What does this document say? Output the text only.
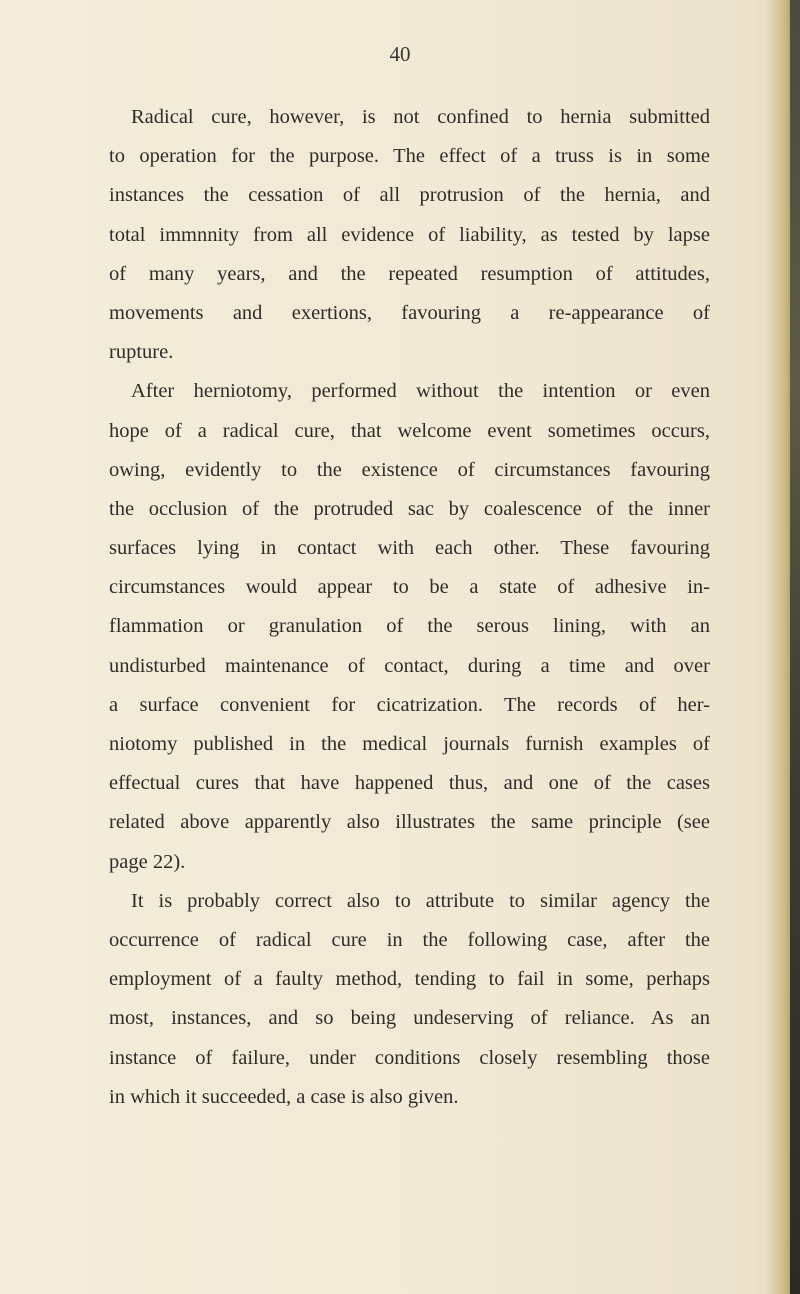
40
Radical cure, however, is not confined to hernia submitted
to operation for the purpose. The effect of a truss is in some
instances the cessation of all protrusion of the hernia, and
total immnnity from all evidence of liability, as tested by lapse
of many years, and the repeated resumption of attitudes,
movements and exertions, favouring a re-appearance of
rupture.
After herniotomy, performed without the intention or even
hope of a radical cure, that welcome event sometimes occurs,
owing, evidently to the existence of circumstances favouring
the occlusion of the protruded sac by coalescence of the inner
surfaces lying in contact with each other. These favouring
circumstances would appear to be a state of adhesive in-
flammation or granulation of the serous lining, with an
undisturbed maintenance of contact, during a time and over
a surface convenient for cicatrization. The records of her-
niotomy published in the medical journals furnish examples of
effectual cures that have happened thus, and one of the cases
related above apparently also illustrates the same principle (see
page 22).
It is probably correct also to attribute to similar agency the
occurrence of radical cure in the following case, after the
employment of a faulty method, tending to fail in some, perhaps
most, instances, and so being undeserving of reliance. As an
instance of failure, under conditions closely resembling those
in which it succeeded, a case is also given.
